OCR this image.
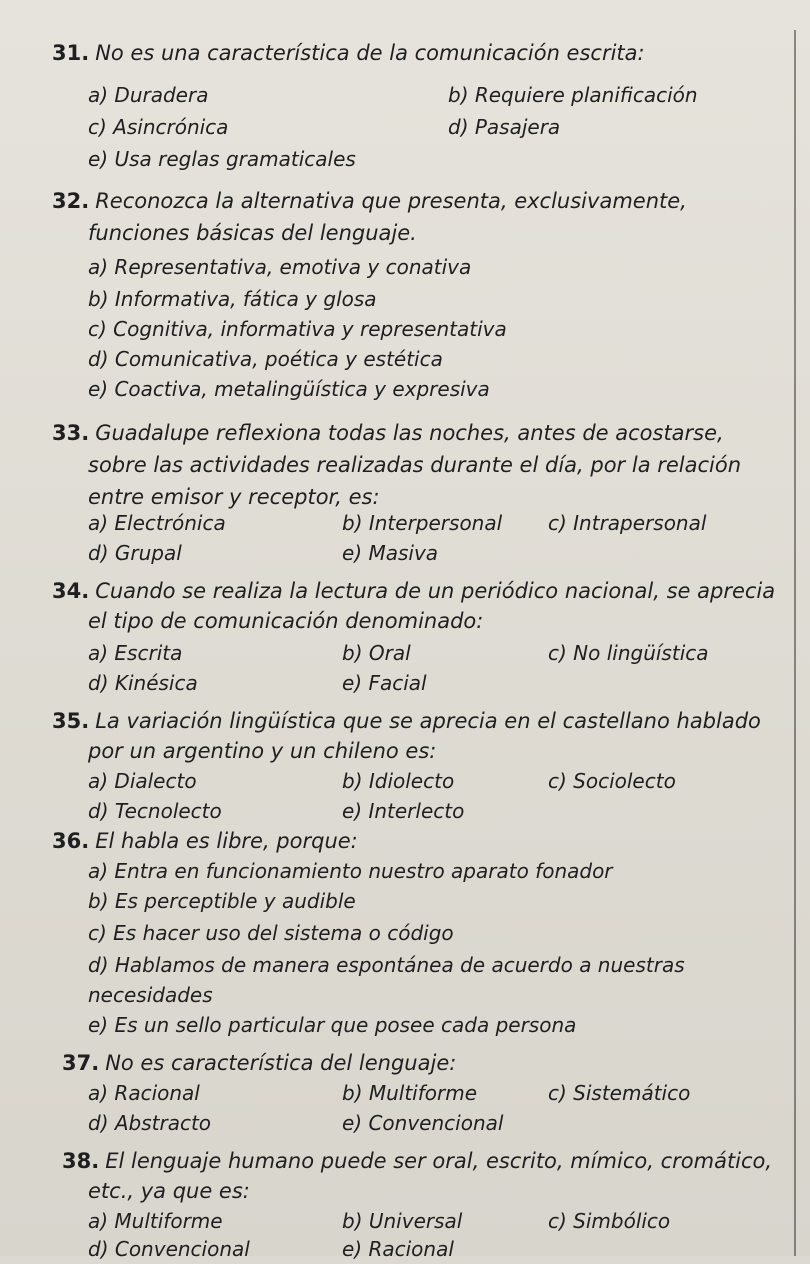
31. No es una característica de la comunicación escrita:
a) Duradera	b) Requiere planificación
c) Asincrónica	d) Pasajera
e) Usa reglas gramaticales
32. Reconozca la alternativa que presenta, exclusivamente,
funciones básicas del lenguaje.
a) Representativa, emotiva y conativa
b) Informativa, fática y glosa
c) Cognitiva, informativa y representativa
d) Comunicativa, poética y estética
e) Coactiva, metalingüística y expresiva
33. Guadalupe reflexiona todas las noches, antes de acostarse,
sobre las actividades realizadas durante el día, por la relación
entre emisor y receptor, es:
a) Electrónica	b) Interpersonal c) Intrapersonal
d) Grupal	e) Masiva
34. Cuando se realiza la lectura de un periódico nacional, se aprecia
el tipo de comunicación denominado:
a) Escrita	b) Oral	c) No lingüística
d) Kinésica	e) Facial
35. La variación lingüística que se aprecia en el castellano hablado
por un argentino y un chileno es:
a) Dialecto	b) Idiolecto	c) Sociolecto
d) Tecnolecto	e) Interlecto
36. El habla es libre, porque:
a) Entra en funcionamiento nuestro aparato fonador
b) Es perceptible y audible
c) Es hacer uso del sistema o código
d) Hablamos de manera espontánea de acuerdo a nuestras
necesidades
e) Es un sello particular que posee cada persona
37. No es característica del lenguaje:
a) Racional	b) Multiforme	c) Sistemático
d) Abstracto	e) Convencional
38. El lenguaje humano puede ser oral, escrito, mímico, cromático,
etc., ya que es:
a) Multiforme	b) Universal	c) Simbólico
d) Convencional	e) Racional
